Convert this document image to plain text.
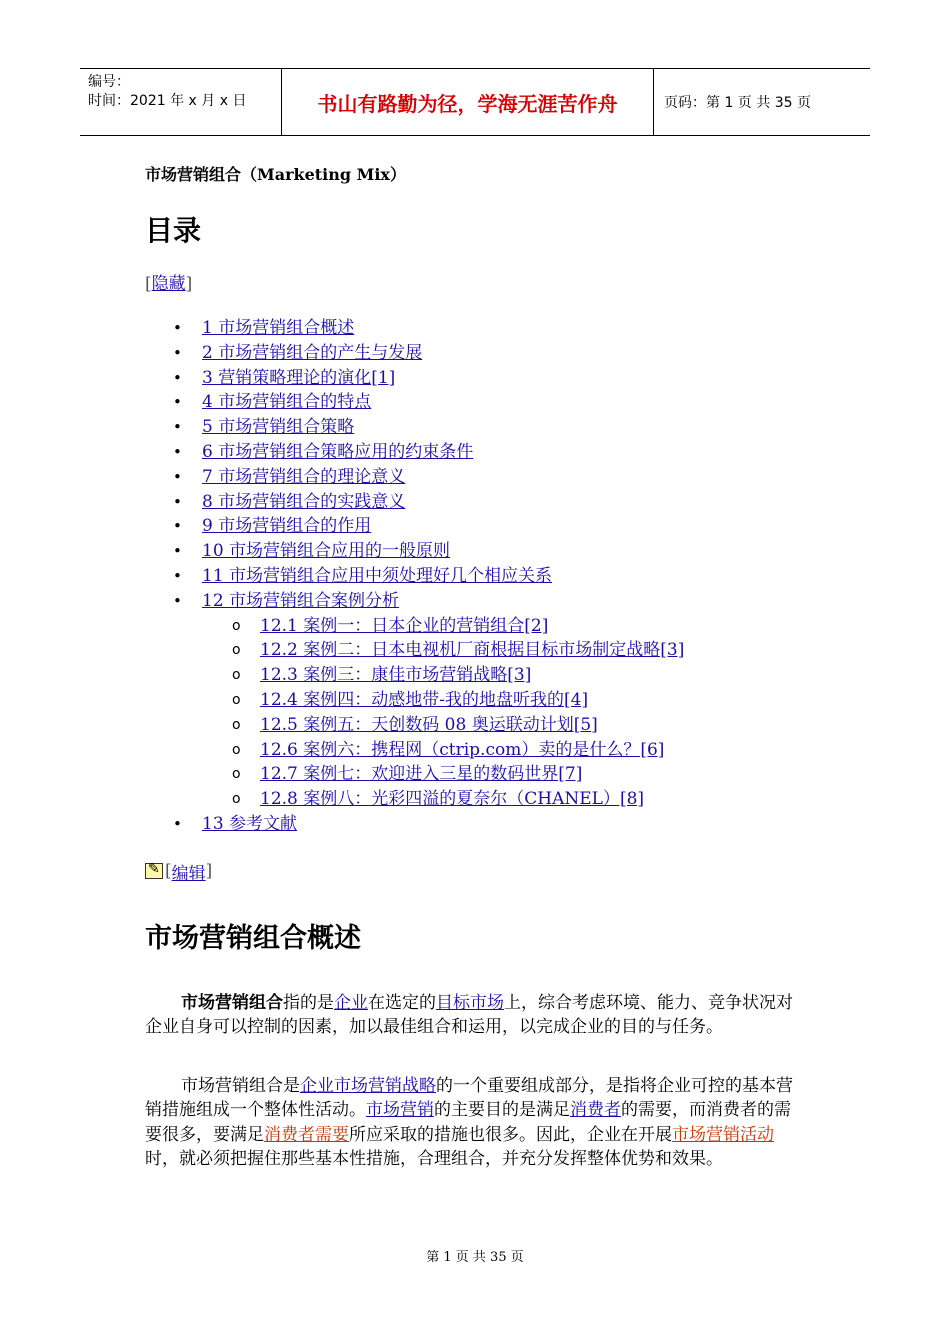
编号：
时间：2021 年 x 月 x 日	书山有路勤为径，学海无涯苦作舟	页码：第 1 页 共 35 页
市场营销组合（Marketing Mix）
目录
[隐藏]
• 1 市场营销组合概述
• 2 市场营销组合的产生与发展
• 3 营销策略理论的演化[1]
• 4 市场营销组合的特点
• 5 市场营销组合策略
• 6 市场营销组合策略应用的约束条件
• 7 市场营销组合的理论意义
• 8 市场营销组合的实践意义
• 9 市场营销组合的作用
• 10 市场营销组合应用的一般原则
• 11 市场营销组合应用中须处理好几个相应关系
• 12 市场营销组合案例分析
o 12.1 案例一：日本企业的营销组合[2]
o 12.2 案例二：日本电视机厂商根据目标市场制定战略[3]
o 12.3 案例三：康佳市场营销战略[3]
o 12.4 案例四：动感地带-我的地盘听我的[4]
o 12.5 案例五：天创数码 08 奥运联动计划[5]
o 12.6 案例六：携程网（ctrip.com）卖的是什么？[6]
o 12.7 案例七：欢迎进入三星的数码世界[7]
o 12.8 案例八：光彩四溢的夏奈尔（CHANEL）[8]
• 13 参考文献
✎
[ 编辑 ]
市场营销组合概述

市场营销组合指的是企业在选定的目标市场上，综合考虑环境、能力、竞争状况对企业自身可以控制的因素，加以最佳组合和运用，以完成企业的目的与任务。

市场营销组合是企业市场营销战略的一个重要组成部分，是指将企业可控的基本营销措施组成一个整体性活动。市场营销的主要目的是满足消费者的需要，而消费者的需要很多，要满足消费者需要所应采取的措施也很多。因此，企业在开展市场营销活动时，就必须把握住那些基本性措施，合理组合，并充分发挥整体优势和效果。

第 1 页 共 35 页
